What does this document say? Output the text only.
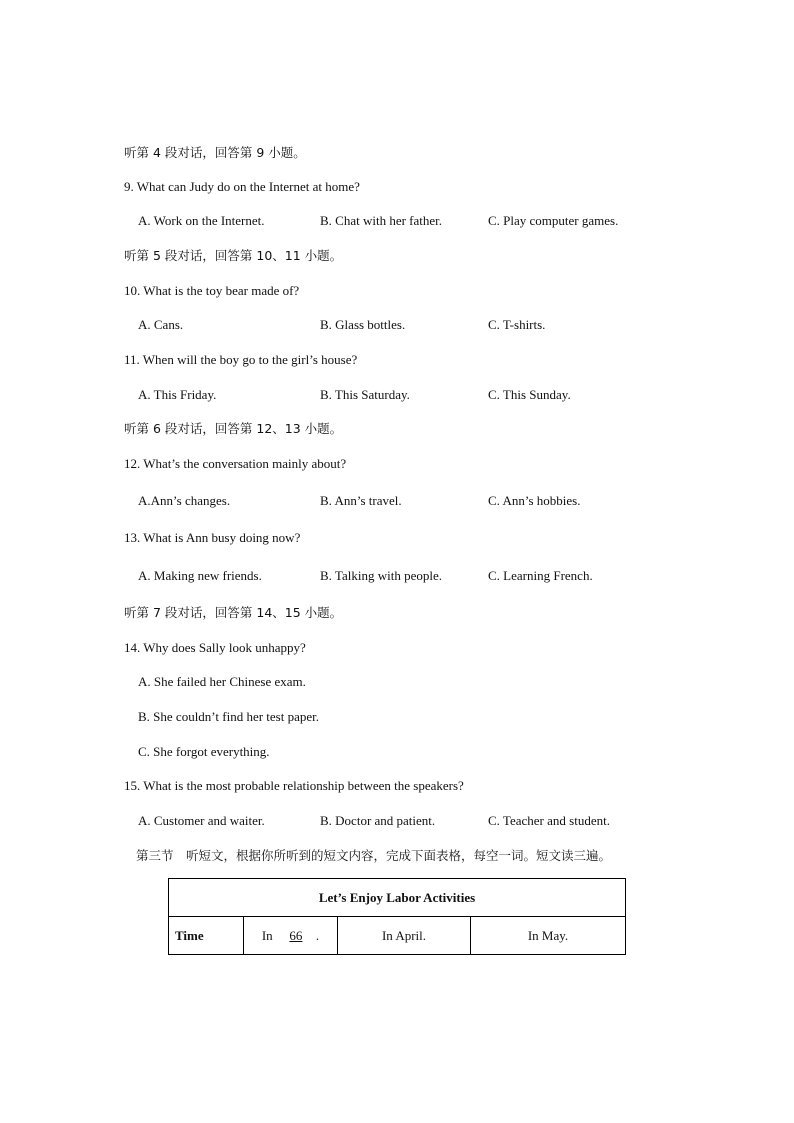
听第 4 段对话，回答第 9 小题。
9. What can Judy do on the Internet at home?
A. Work on the Internet.	B. Chat with her father.	C. Play computer games.
听第 5 段对话，回答第 10、11 小题。
10. What is the toy bear made of?
A. Cans.	B. Glass bottles.	C. T-shirts.
11. When will the boy go to the girl’s house?
A. This Friday.	B. This Saturday.	C. This Sunday.
听第 6 段对话，回答第 12、13 小题。
12. What’s the conversation mainly about?
A.Ann’s changes.	B. Ann’s travel.	C. Ann’s hobbies.
13. What is Ann busy doing now?
A. Making new friends.	B. Talking with people.	C. Learning French.
听第 7 段对话，回答第 14、15 小题。
14. Why does Sally look unhappy?
A. She failed her Chinese exam.
B. She couldn’t find her test paper.
C. She forgot everything.
15. What is the most probable relationship between the speakers?
A. Customer and waiter.	B. Doctor and patient.	C. Teacher and student.
第三节　听短文，根据你所听到的短文内容，完成下面表格，每空一词。短文读三遍。
Let’s Enjoy Labor Activities
Time	In 66 .	In April.	In May.
